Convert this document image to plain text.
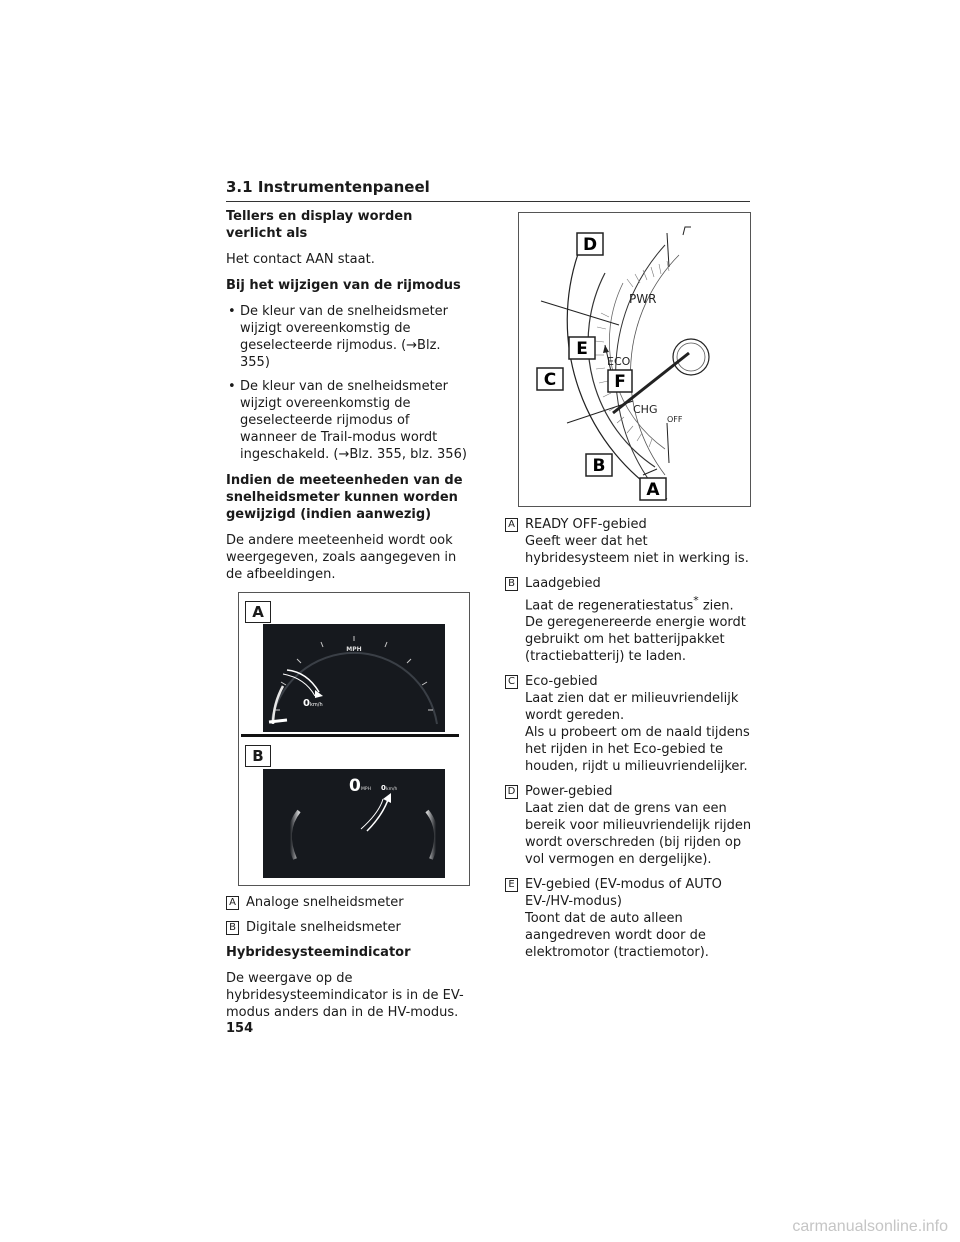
3.1 Instrumentenpaneel
Tellers en display worden verlicht als
Het contact AAN staat.
Bij het wijzigen van de rijmodus
• De kleur van de snelheidsmeter wijzigt overeenkomstig de geselecteerde rijmodus. (→Blz. 355)
• De kleur van de snelheidsmeter wijzigt overeenkomstig de geselecteerde rijmodus of wanneer de Trail-modus wordt ingeschakeld. (→Blz. 355, blz. 356)
Indien de meeteenheden van de snelheidsmeter kunnen worden gewijzigd (indien aanwezig)
De andere meeteenheid wordt ook weergegeven, zoals aangegeven in de afbeeldingen.
A
MPH
0 km/h
B
0 MPH 0 km/h
A Analoge snelheidsmeter
B Digitale snelheidsmeter
Hybridesysteemindicator
De weergave op de hybridesysteemindicator is in de EV-modus anders dan in de HV-modus.
D
E
C	F
B
A
PWR
ECO
CHG
OFF
A READY OFF-gebied
Geeft weer dat het hybridesysteem niet in werking is.
B Laadgebied
Laat de regeneratiestatus* zien. De geregenereerde energie wordt gebruikt om het batterijpakket (tractiebatterij) te laden.
C Eco-gebied
Laat zien dat er milieuvriendelijk wordt gereden.
Als u probeert om de naald tijdens het rijden in het Eco-gebied te houden, rijdt u milieuvriendelijker.
D Power-gebied
Laat zien dat de grens van een bereik voor milieuvriendelijk rijden wordt overschreden (bij rijden op vol vermogen en dergelijke).
E EV-gebied (EV-modus of AUTO EV-/HV-modus)
Toont dat de auto alleen aangedreven wordt door de elektromotor (tractiemotor).
154
carmanualsonline.info
